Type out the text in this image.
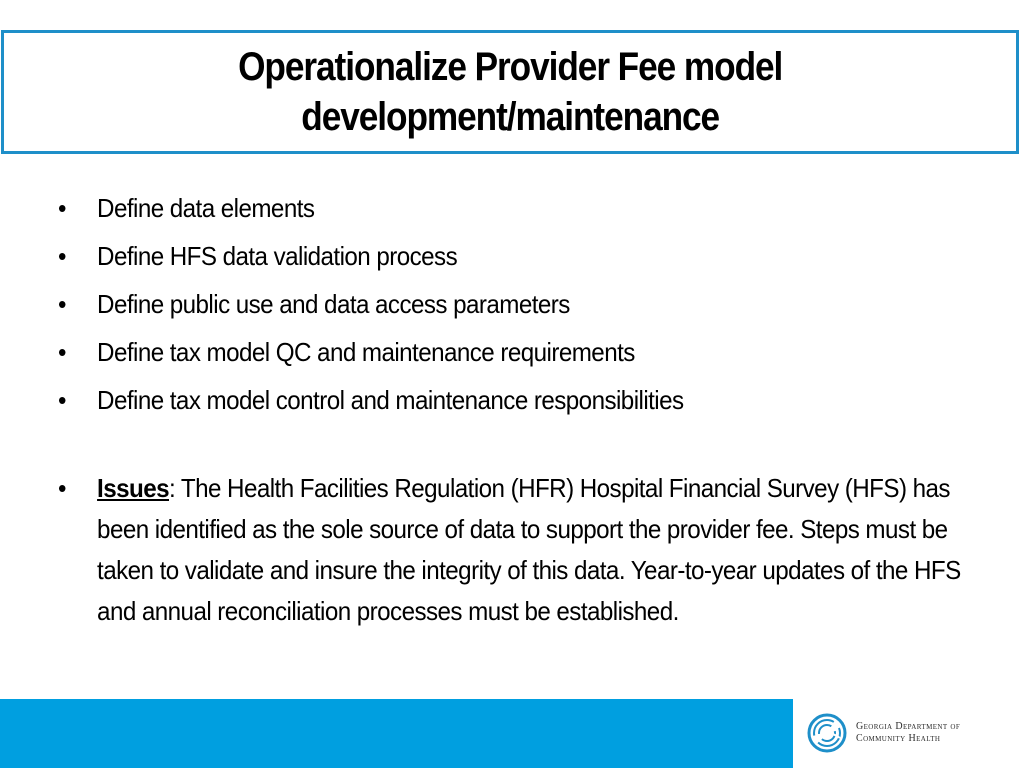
Operationalize Provider Fee model
development/maintenance
• Define data elements
• Define HFS data validation process
• Define public use and data access parameters
• Define tax model QC and maintenance requirements
• Define tax model control and maintenance responsibilities
• Issues: The Health Facilities Regulation (HFR) Hospital Financial Survey (HFS) has been identified as the sole source of data to support the provider fee. Steps must be taken to validate and insure the integrity of this data. Year-to-year updates of the HFS and annual reconciliation processes must be established.
Georgia Department of
Community Health
